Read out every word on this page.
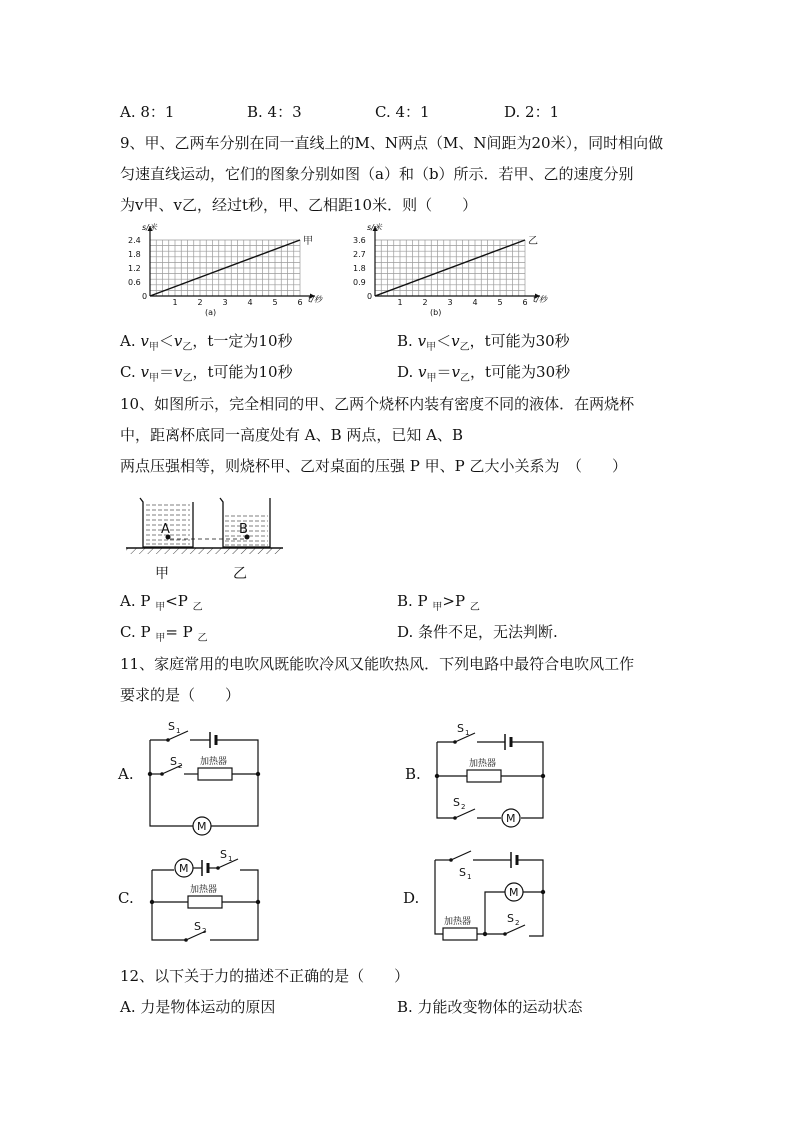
A. 8：1	B. 4：3	C. 4：1	D. 2：1
9、甲、乙两车分别在同一直线上的M、N两点（M、N间距为20米），同时相向做
匀速直线运动，它们的图象分别如图（a）和（b）所示．若甲、乙的速度分别
为v甲、v乙，经过t秒，甲、乙相距10米．则（　　）
1 2 3 4 5 6
0.6
1.2
1.8
2.4
0
s/米
t/秒
甲
(a)
1 2 3 4 5 6
0.9
1.8
2.7
3.6
0
s/米
t/秒
乙
(b)
A. $v_甲<v_乙$，t一定为10秒	B. $v_甲<v_乙$，t可能为30秒
C. $v_甲=v_乙$，t可能为10秒	D. $v_甲=v_乙$，t可能为30秒
10、如图所示，完全相同的甲、乙两个烧杯内装有密度不同的液体．在两烧杯
中，距离杯底同一高度处有 A、B 两点，已知 A、B
两点压强相等，则烧杯甲、乙对桌面的压强 P 甲、P 乙大小关系为　（　　）
A	B
甲	乙
A. P $_甲$<P $_乙$	B. P $_甲$>P $_乙$
C. P $_甲$= P $_乙$	D. 条件不足，无法判断.
11、家庭常用的电吹风既能吹冷风又能吹热风．下列电路中最符合电吹风工作
要求的是（　　）
A.	B.
C.	D.
M
加热器
S 1
S 2
M
加热器
S 1
S 2
M
加热器
S 1
S 2
M
加热器
S 1
S 2
12、以下关于力的描述不正确的是（　　）
A. 力是物体运动的原因	B. 力能改变物体的运动状态
